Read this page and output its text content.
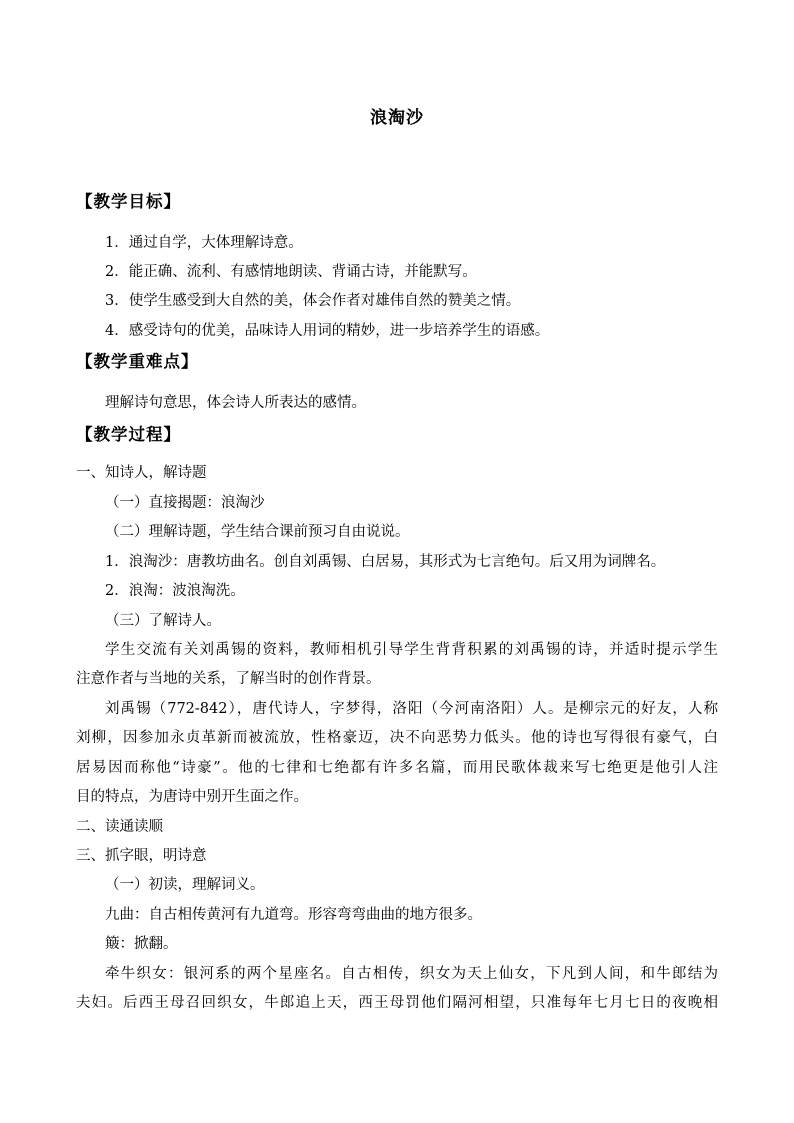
浪淘沙
【教学目标】
1．通过自学，大体理解诗意。
2．能正确、流利、有感情地朗读、背诵古诗，并能默写。
3．使学生感受到大自然的美，体会作者对雄伟自然的赞美之情。
4．感受诗句的优美，品味诗人用词的精妙，进一步培养学生的语感。
【教学重难点】
理解诗句意思，体会诗人所表达的感情。
【教学过程】
一、知诗人，解诗题
（一）直接揭题：浪淘沙
（二）理解诗题，学生结合课前预习自由说说。
1．浪淘沙：唐教坊曲名。创自刘禹锡、白居易，其形式为七言绝句。后又用为词牌名。
2．浪淘：波浪淘洗。
（三）了解诗人。
学生交流有关刘禹锡的资料，教师相机引导学生背背积累的刘禹锡的诗，并适时提示学生
注意作者与当地的关系，了解当时的创作背景。
刘禹锡（772-842），唐代诗人，字梦得，洛阳（今河南洛阳）人。是柳宗元的好友，人称
刘柳，因参加永贞革新而被流放，性格豪迈，决不向恶势力低头。他的诗也写得很有豪气，白
居易因而称他“诗豪”。他的七律和七绝都有许多名篇，而用民歌体裁来写七绝更是他引人注
目的特点，为唐诗中别开生面之作。
二、读通读顺
三、抓字眼，明诗意
（一）初读，理解词义。
九曲：自古相传黄河有九道弯。形容弯弯曲曲的地方很多。
簸：掀翻。
牵牛织女：银河系的两个星座名。自古相传，织女为天上仙女，下凡到人间，和牛郎结为
夫妇。后西王母召回织女，牛郎追上天，西王母罚他们隔河相望，只准每年七月七日的夜晚相
